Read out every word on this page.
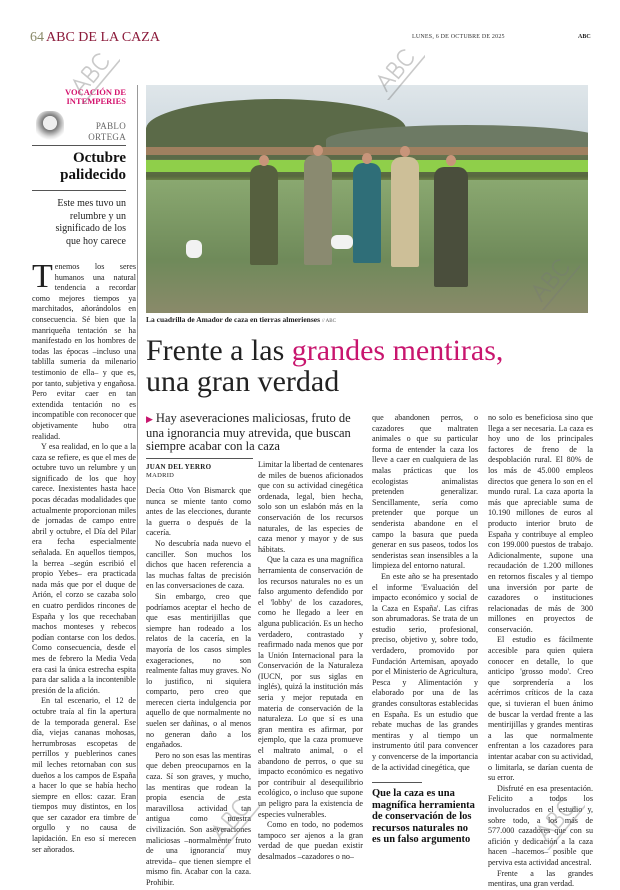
64 ABC DE LA CAZA	LUNES, 6 DE OCTUBRE DE 2025	ABC
VOCACIÓN DE INTEMPERIES
PABLO
ORTEGA
Octubre palidecido
Este mes tuvo un relumbre y un significado de los que hoy carece

Tenemos los seres humanos una natural tendencia a recordar como mejores tiempos ya marchitados, añorándolos en consecuencia. Sé bien que la manriqueña tentación se ha manifestado en los hombres de todas las épocas –incluso una tablilla sumeria da milenario testimonio de ella– y que es, por tanto, subjetiva y engañosa. Pero evitar caer en tan extendida tentación no es incompatible con reconocer que objetivamente hubo otra realidad.

Y esa realidad, en lo que a la caza se refiere, es que el mes de octubre tuvo un relumbre y un significado de los que hoy carece. Inexistentes hasta hace pocas décadas modalidades que actualmente proporcionan miles de jornadas de campo entre abril y octubre, el Día del Pilar era fecha especialmente señalada. En aquellos tiempos, la berrea –según escribió el propio Yebes– era practicada nada más que por el duque de Arión, el corzo se cazaba solo en cuatro perdidos rincones de España y los que recechaban machos monteses y rebecos podían contarse con los dedos. Como consecuencia, desde el mes de febrero la Media Veda era casi la única estrecha espita para dar salida a la incontenible presión de la afición.

En tal escenario, el 12 de octubre traía al fin la apertura de la temporada general. Ese día, viejas cananas mohosas, herrumbrosas escopetas de perrillos y pueblerinos canes mil leches retornaban con sus dueños a los campos de España a hacer lo que se había hecho siempre en ellos: cazar. Eran tiempos muy distintos, en los que ser cazador era timbre de orgullo y no causa de lapidación. En eso sí merecen ser añorados.

La cuadrilla de Amador de caza en tierras almerienses // ABC
Frente a las grandes mentiras,
una gran verdad
▶ Hay aseveraciones maliciosas, fruto de una ignorancia muy atrevida, que buscan siempre acabar con la caza
JUAN DEL YERRO
MADRID

Decía Otto Von Bismarck que nunca se miente tanto como antes de las elecciones, durante la guerra o después de la cacería.

No descubría nada nuevo el canciller. Son muchos los dichos que hacen referencia a las muchas faltas de precisión en las conversaciones de caza.

Sin embargo, creo que podríamos aceptar el hecho de que esas mentirijillas que siempre han rodeado a los relatos de la cacería, en la mayoría de los casos simples exageraciones, no son realmente faltas muy graves. No lo justifico, ni siquiera comparto, pero creo que merecen cierta indulgencia por aquello de que normalmente no suelen ser dañinas, o al menos no generan daño a los engañados.

Pero no son esas las mentiras que deben preocuparnos en la caza. Sí son graves, y mucho, las mentiras que rodean la propia esencia de esta maravillosa actividad tan antigua como nuestra civilización. Son aseveraciones maliciosas –normalmente fruto de una ignorancia muy atrevida– que tienen siempre el mismo fin. Acabar con la caza. Prohibir.

Limitar la libertad de centenares de miles de buenos aficionados que con su actividad cinegética ordenada, legal, bien hecha, solo son un eslabón más en la conservación de los recursos naturales, de las especies de caza menor y mayor y de sus hábitats.

Que la caza es una magnífica herramienta de conservación de los recursos naturales no es un falso argumento defendido por el 'lobby' de los cazadores, como he llegado a leer en alguna publicación. Es un hecho verdadero, contrastado y reafirmado nada menos que por la Unión Internacional para la Conservación de la Naturaleza (IUCN, por sus siglas en inglés), quizá la institución más seria y mejor reputada en materia de conservación de la naturaleza. Lo que sí es una gran mentira es afirmar, por ejemplo, que la caza promueve el maltrato animal, o el abandono de perros, o que su impacto económico es negativo por contribuir al desequilibrio ecológico, o incluso que supone un peligro para la existencia de especies vulnerables.

Como en todo, no podemos tampoco ser ajenos a la gran verdad de que puedan existir desalmados –cazadores o no–

que abandonen perros, o cazadores que maltraten animales o que su particular forma de entender la caza los lleve a caer en cualquiera de las malas prácticas que los ecologistas animalistas pretenden generalizar. Sencillamente, sería como pretender que porque un senderista abandone en el campo la basura que pueda generar en sus paseos, todos los senderistas sean insensibles a la limpieza del entorno natural.

En este año se ha presentado el informe 'Evaluación del impacto económico y social de la Caza en España'. Las cifras son abrumadoras. Se trata de un estudio serio, profesional, preciso, objetivo y, sobre todo, verdadero, promovido por Fundación Artemisan, apoyado por el Ministerio de Agricultura, Pesca y Alimentación y elaborado por una de las grandes consultoras establecidas en España. Es un estudio que rebate muchas de las grandes mentiras y al tiempo un instrumento útil para convencer y convencerse de la importancia de la actividad cinegética, que

Que la caza es una magnífica herramienta de conservación de los recursos naturales no es un falso argumento

no solo es beneficiosa sino que llega a ser necesaria. La caza es hoy uno de los principales factores de freno de la despoblación rural. El 80% de los más de 45.000 empleos directos que genera lo son en el mundo rural. La caza aporta la más que apreciable suma de 10.190 millones de euros al producto interior bruto de España y contribuye al empleo con 199.000 puestos de trabajo. Adicionalmente, supone una recaudación de 1.200 millones en retornos fiscales y al tiempo una inversión por parte de cazadores o instituciones relacionadas de más de 300 millones en proyectos de conservación.

El estudio es fácilmente accesible para quien quiera conocer en detalle, lo que anticipo 'grosso modo'. Creo que sorprendería a los acérrimos críticos de la caza que, si tuvieran el buen ánimo de buscar la verdad frente a las mentirijillas y grandes mentiras a las que normalmente enfrentan a los cazadores para intentar acabar con su actividad, o limitarla, se darían cuenta de su error.

Disfruté en esa presentación. Felicito a todos los involucrados en el estudio y, sobre todo, a los más de 577.000 cazadores que con su afición y dedicación a la caza hacen –hacemos– posible que perviva esta actividad ancestral.

Frente a las grandes mentiras, una gran verdad.
